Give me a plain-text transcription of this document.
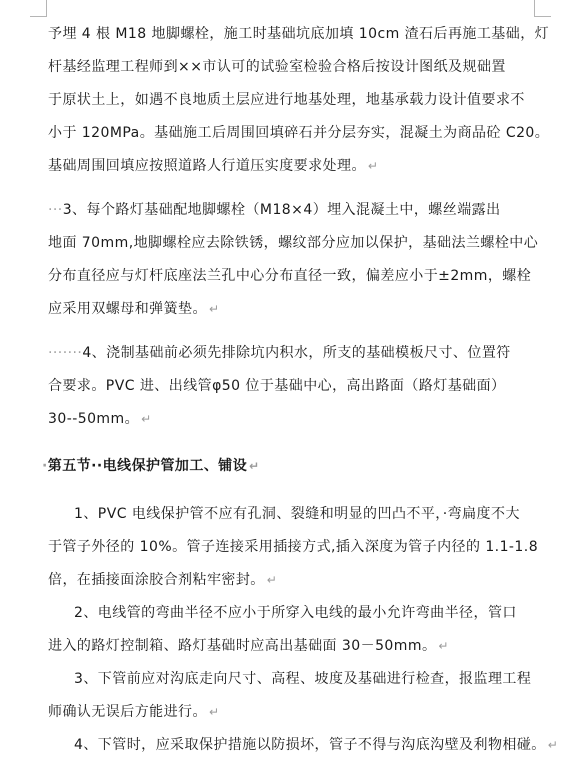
予埋 4 根 M18 地脚螺栓，施工时基础坑底加填 10cm 渣石后再施工基础，灯
杆基经监理工程师到××市认可的试验室检验合格后按设计图纸及规础置
于原状土上，如遇不良地质土层应进行地基处理，地基承载力设计值要求不
小于 120MPa。基础施工后周围回填碎石并分层夯实，混凝土为商品砼 C20。
基础周围回填应按照道路人行道压实度要求处理。 ↵
···3、每个路灯基础配地脚螺栓（M18×4）埋入混凝土中，螺丝端露出
地面 70mm,地脚螺栓应去除铁锈，螺纹部分应加以保护，基础法兰螺栓中心
分布直径应与灯杆底座法兰孔中心分布直径一致，偏差应小于±2mm，螺栓
应采用双螺母和弹簧垫。 ↵
·······4、浇制基础前必须先排除坑内积水，所支的基础模板尺寸、位置符
合要求。PVC 进、出线管φ50 位于基础中心，高出路面（路灯基础面）
30--50mm。 ↵
·第五节··电线保护管加工、铺设 ↵
1、PVC 电线保护管不应有孔洞、裂缝和明显的凹凸不平，·弯扁度不大
于管子外径的 10%。管子连接采用插接方式,插入深度为管子内径的 1.1-1.8
倍，在插接面涂胶合剂粘牢密封。 ↵
2、电线管的弯曲半径不应小于所穿入电线的最小允许弯曲半径，管口
进入的路灯控制箱、路灯基础时应高出基础面 30－50mm。 ↵
3、下管前应对沟底走向尺寸、高程、坡度及基础进行检查，报监理工程
师确认无误后方能进行。 ↵
4、下管时，应采取保护措施以防损坏，管子不得与沟底沟壁及利物相碰。 ↵
